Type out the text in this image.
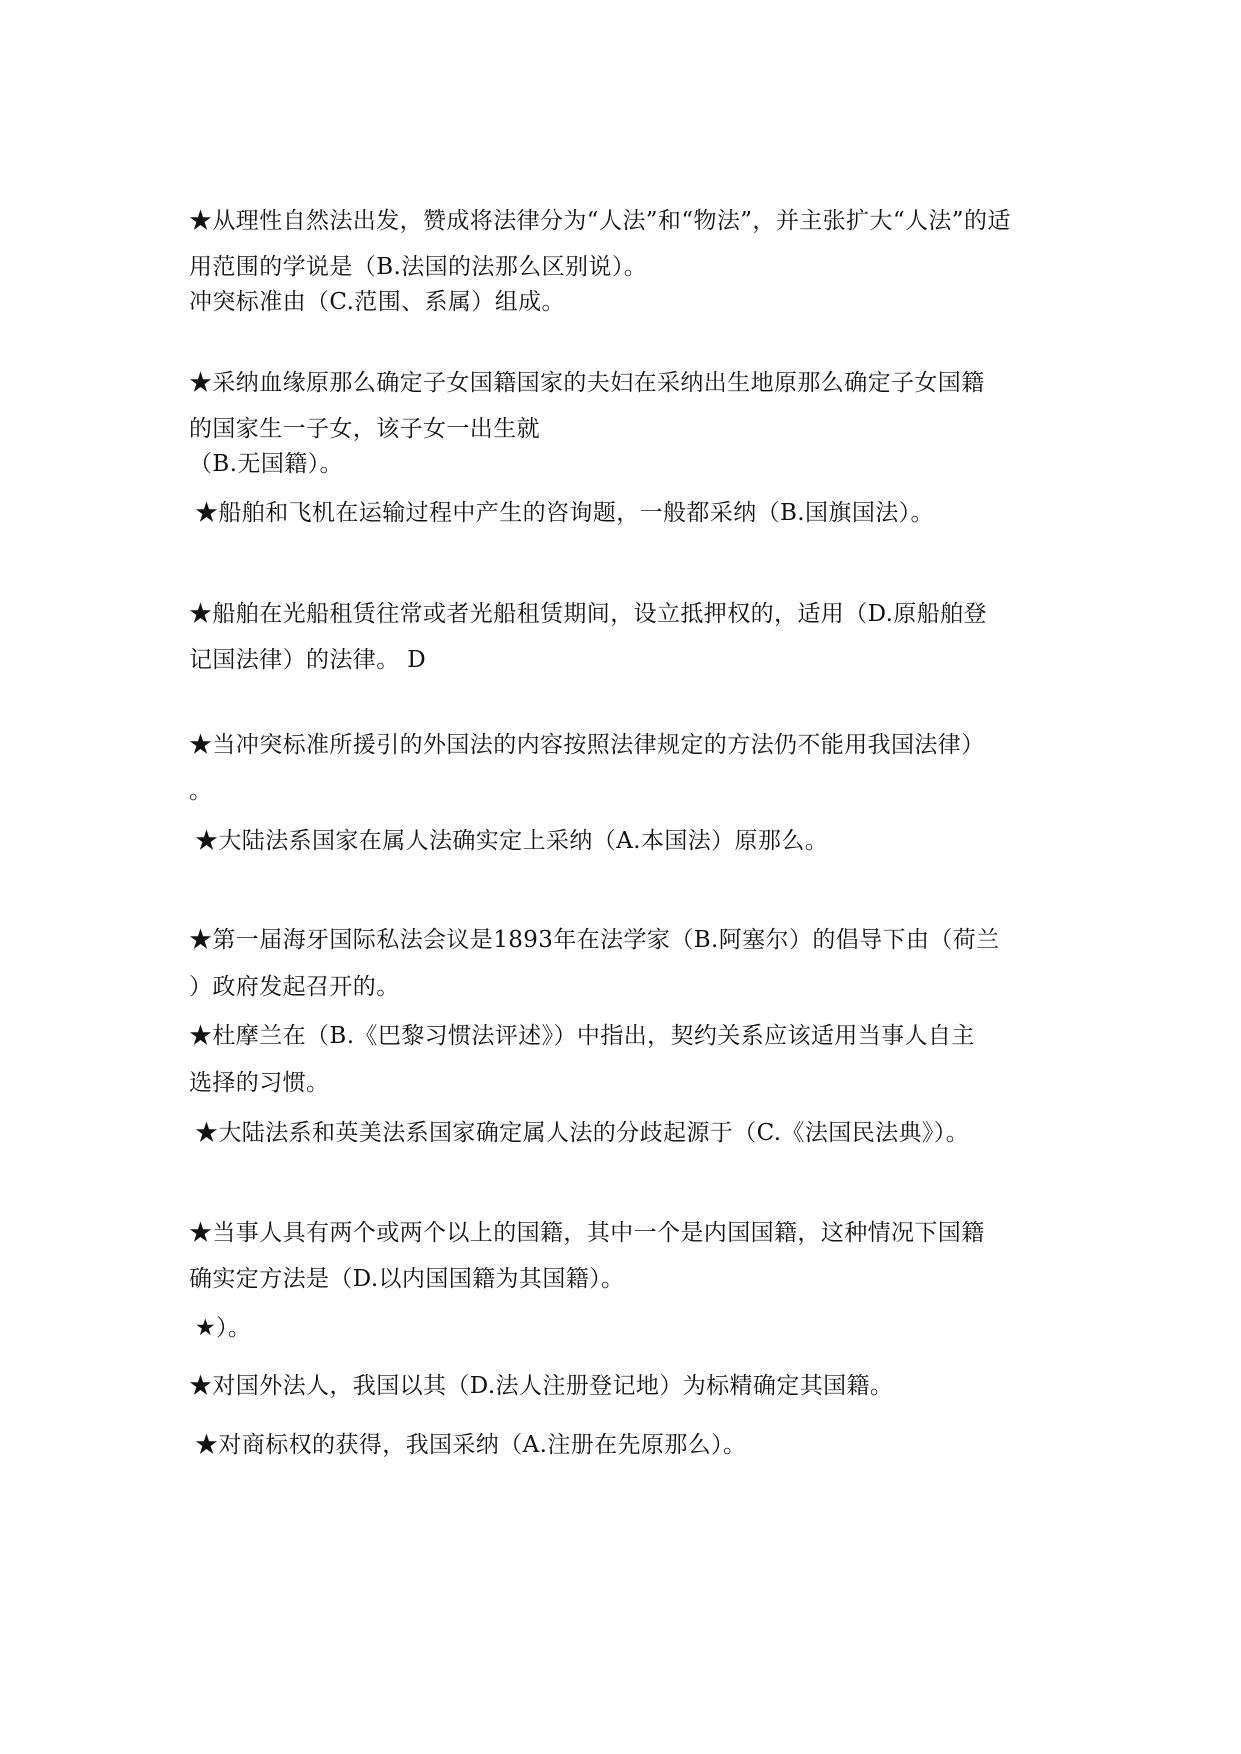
★从理性自然法出发，赞成将法律分为“人法”和“物法”，并主张扩大“人法”的适
用范围的学说是（B.法国的法那么区别说）。
冲突标准由（C.范围、系属）组成。
★采纳血缘原那么确定子女国籍国家的夫妇在采纳出生地原那么确定子女国籍
的国家生一子女，该子女一出生就
（B.无国籍）。
★船舶和飞机在运输过程中产生的咨询题，一般都采纳（B.国旗国法）。
★船舶在光船租赁往常或者光船租赁期间，设立抵押权的，适用（D.原船舶登
记国法律）的法律。 D
★当冲突标准所援引的外国法的内容按照法律规定的方法仍不能用我国法律）
。
★大陆法系国家在属人法确实定上采纳（A.本国法）原那么。
★第一届海牙国际私法会议是1893年在法学家（B.阿塞尔）的倡导下由（荷兰
）政府发起召开的。
★杜摩兰在（B.《巴黎习惯法评述》）中指出，契约关系应该适用当事人自主
选择的习惯。
★大陆法系和英美法系国家确定属人法的分歧起源于（C.《法国民法典》）。
★当事人具有两个或两个以上的国籍，其中一个是内国国籍，这种情况下国籍
确实定方法是（D.以内国国籍为其国籍）。
★）。
★对国外法人，我国以其（D.法人注册登记地）为标精确定其国籍。
★对商标权的获得，我国采纳（A.注册在先原那么）。
